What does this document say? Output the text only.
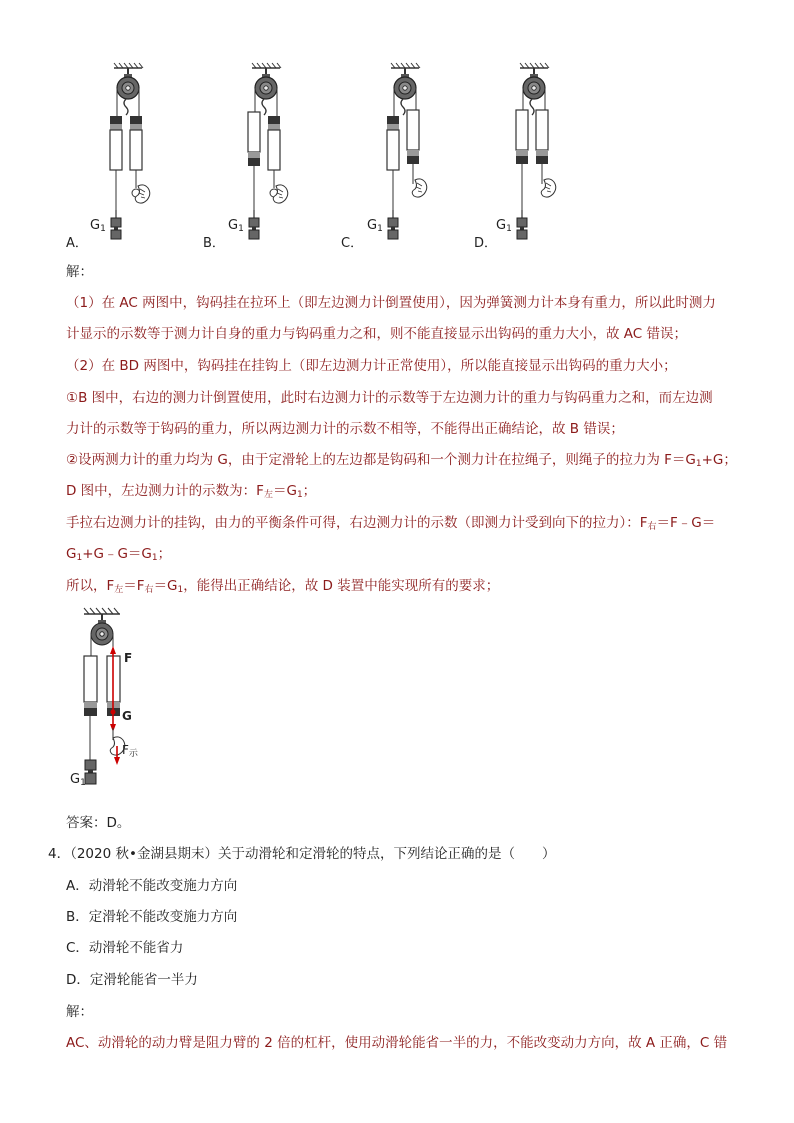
$G_1$	$G_1$	$G_1$	$G_1$
A．	B．	C．	D．
解：
（1）在 AC 两图中，钩码挂在拉环上（即左边测力计倒置使用），因为弹簧测力计本身有重力，所以此时测力
计显示的示数等于测力计自身的重力与钩码重力之和，则不能直接显示出钩码的重力大小，故 AC 错误；
（2）在 BD 两图中，钩码挂在挂钩上（即左边测力计正常使用），所以能直接显示出钩码的重力大小；
①B 图中，右边的测力计倒置使用，此时右边测力计的示数等于左边测力计的重力与钩码重力之和，而左边测
力计的示数等于钩码的重力，所以两边测力计的示数不相等，不能得出正确结论，故 B 错误；
②设两测力计的重力均为 G，由于定滑轮上的左边都是钩码和一个测力计在拉绳子，则绳子的拉力为 $F=G_1+G$；
D 图中，左边测力计的示数为：$F_左=G_1$；
手拉右边测力计的挂钩，由力的平衡条件可得，右边测力计的示数（即测力计受到向下的拉力）：$F_右=F﹣G=$
$G_1+G﹣G=G_1$；
所以，$F_左=F_右=G_1$，能得出正确结论，故 D 装置中能实现所有的要求；
F
G
$F_示$
$G_1$
答案：D。
4．（2020 秋•金湖县期末）关于动滑轮和定滑轮的特点，下列结论正确的是（　　）
A．动滑轮不能改变施力方向
B．定滑轮不能改变施力方向
C．动滑轮不能省力
D．定滑轮能省一半力
解：
AC、动滑轮的动力臂是阻力臂的 2 倍的杠杆，使用动滑轮能省一半的力，不能改变动力方向，故 A 正确，C 错
